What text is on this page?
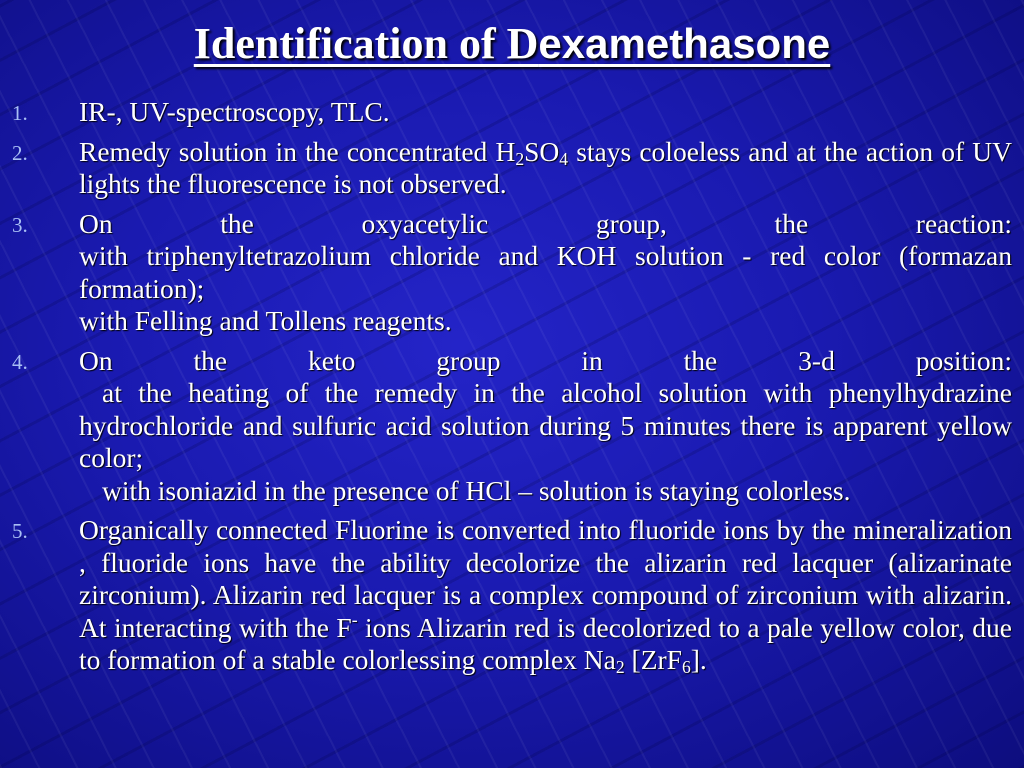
Identification of Dexamethasone
1.	IR-, UV-spectroscopy, TLC.
2.	Remedy solution in the concentrated $H_2SO_4$ stays coloeless and at the action of UV lights the fluorescence is not observed.
3.	On the oxyacetylic group, the reaction:
with triphenyltetrazolium chloride and KOH solution - red color (formazan formation);
with Felling and Tollens reagents.
4.	On the keto group in the 3-d position:
at the heating of the remedy in the alcohol solution with phenylhydrazine hydrochloride and sulfuric acid solution during 5 minutes there is apparent yellow color;
with isoniazid in the presence of HCl – solution is staying colorless.
5.	Organically connected Fluorine is converted into fluoride ions by the mineralization , fluoride ions have the ability decolorize the alizarin red lacquer (alizarinate zirconium). Alizarin red lacquer is a complex compound of zirconium with alizarin. At interacting with the F- ions Alizarin red is decolorized to a pale yellow color, due to formation of a stable colorlessing complex $Na_2$ [ZrF$_6$].
